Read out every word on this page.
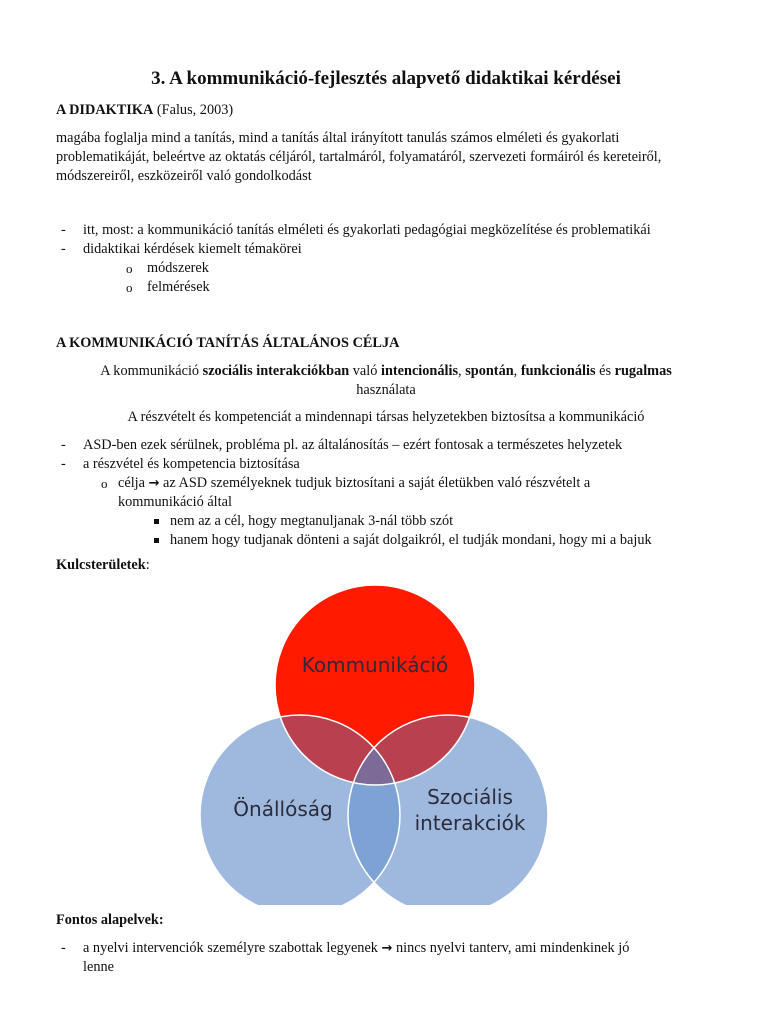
3. A kommunikáció-fejlesztés alapvető didaktikai kérdései
A DIDAKTIKA (Falus, 2003)

magába foglalja mind a tanítás, mind a tanítás által irányított tanulás számos elméleti és gyakorlati

problematikáját, beleértve az oktatás céljáról, tartalmáról, folyamatáról, szervezeti formáiról és kereteiről,

módszereiről, eszközeiről való gondolkodást

- itt, most: a kommunikáció tanítás elméleti és gyakorlati pedagógiai megközelítése és problematikái
- didaktikai kérdések kiemelt témakörei
o módszerek
o felmérések
A KOMMUNIKÁCIÓ TANÍTÁS ÁLTALÁNOS CÉLJA
A kommunikáció szociális interakciókban való intencionális, spontán, funkcionális és rugalmas
használata
A részvételt és kompetenciát a mindennapi társas helyzetekben biztosítsa a kommunikáció
- ASD-ben ezek sérülnek, probléma pl. az általánosítás – ezért fontosak a természetes helyzetek
- a részvétel és kompetencia biztosítása
o célja → az ASD személyeknek tudjuk biztosítani a saját életükben való részvételt a
kommunikáció által
nem az a cél, hogy megtanuljanak 3-nál több szót
hanem hogy tudjanak dönteni a saját dolgaikról, el tudják mondani, hogy mi a bajuk
Kulcsterületek:
Fontos alapelvek:
- a nyelvi intervenciók személyre szabottak legyenek → nincs nyelvi tanterv, ami mindenkinek jó
lenne
Kommunikáció
Önállóság	Szociális
interakciók
